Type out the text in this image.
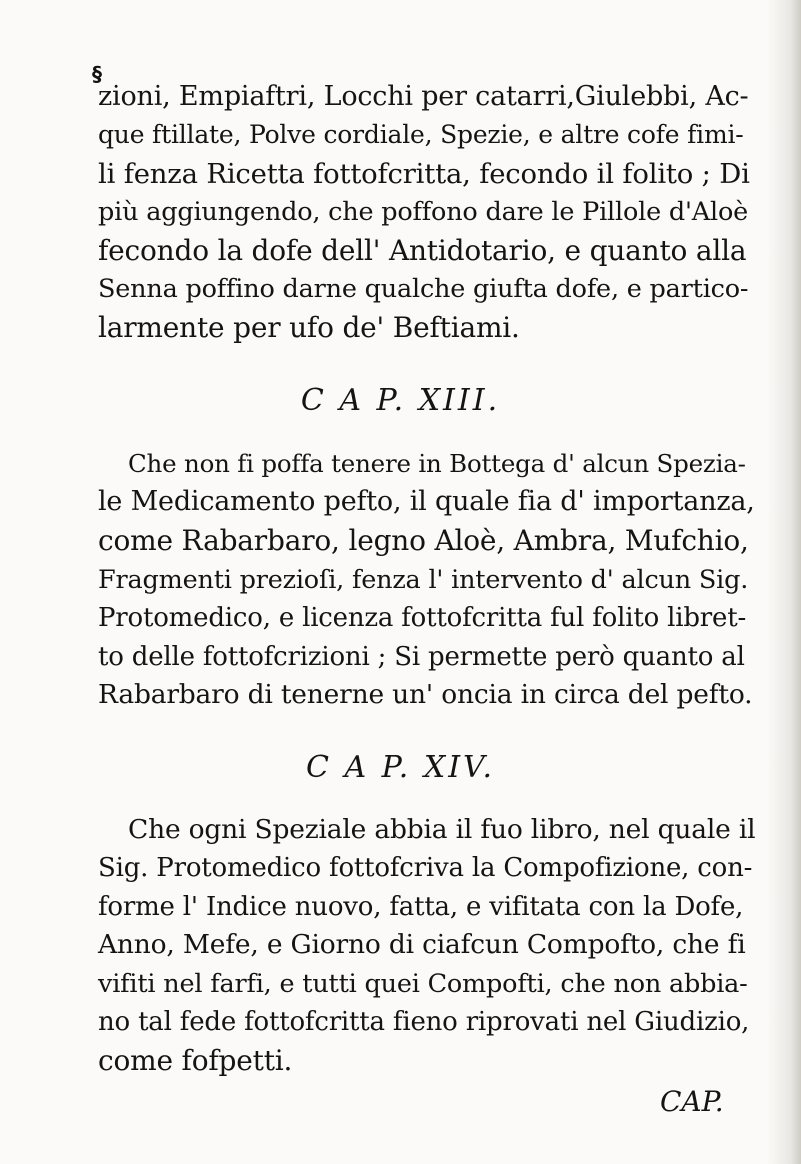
§
zioni, Empiaftri, Locchi per catarri,Giulebbi, Ac-
que ftillate, Polve cordiale, Spezie, e altre cofe fimi-
li fenza Ricetta fottofcritta, fecondo il folito ; Di
più aggiungendo, che poffono dare le Pillole d'Aloè
fecondo la dofe dell' Antidotario, e quanto alla
Senna poffino darne qualche giufta dofe, e partico-
larmente per ufo de' Beftiami.
C A P. XIII.
Che non fi poffa tenere in Bottega d' alcun Spezia-
le Medicamento pefto, il quale fia d' importanza,
come Rabarbaro, legno Aloè, Ambra, Mufchio,
Fragmenti prezioſi, fenza l' intervento d' alcun Sig.
Protomedico, e licenza fottofcritta ful folito libret-
to delle fottofcrizioni ; Si permette però quanto al
Rabarbaro di tenerne un' oncia in circa del pefto.
C A P. XIV.
Che ogni Speziale abbia il fuo libro, nel quale il
Sig. Protomedico fottofcriva la Compofizione, con-
forme l' Indice nuovo, fatta, e vifitata con la Dofe,
Anno, Mefe, e Giorno di ciafcun Compofto, che fi
vifiti nel farfi, e tutti quei Compofti, che non abbia-
no tal fede fottofcritta fieno riprovati nel Giudizio,
come fofpetti.
CAP.
